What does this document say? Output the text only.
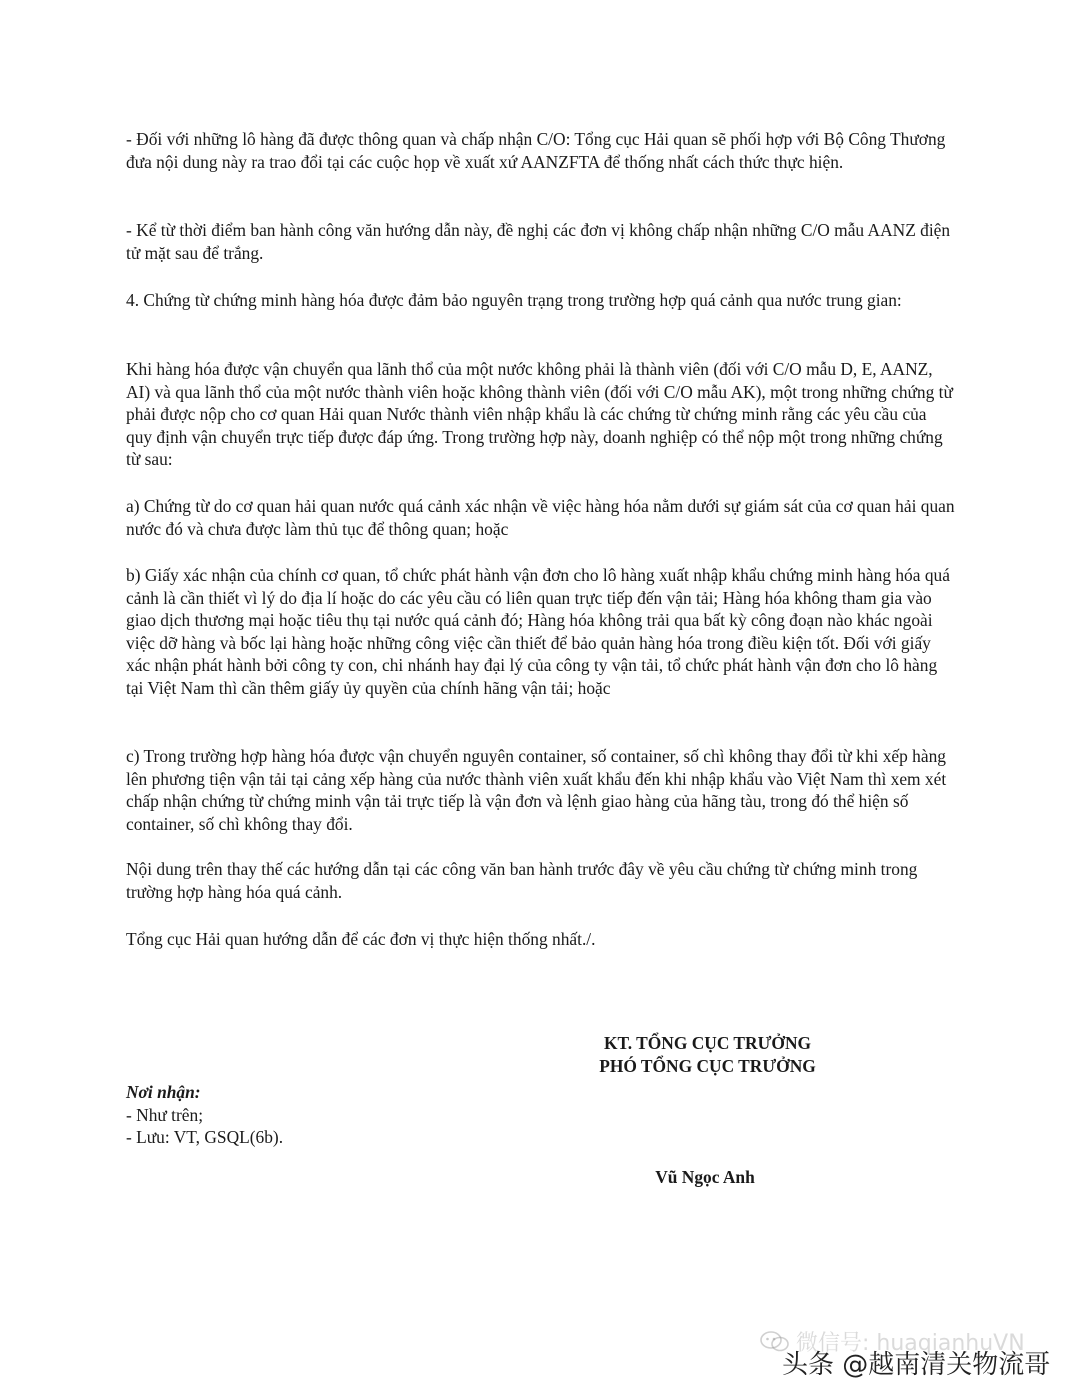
- Đối với những lô hàng đã được thông quan và chấp nhận C/O: Tổng cục Hải quan sẽ phối hợp với Bộ Công Thương đưa nội dung này ra trao đổi tại các cuộc họp về xuất xứ AANZFTA để thống nhất cách thức thực hiện.

- Kể từ thời điểm ban hành công văn hướng dẫn này, đề nghị các đơn vị không chấp nhận những C/O mẫu AANZ điện tử mặt sau để trắng.

4. Chứng từ chứng minh hàng hóa được đảm bảo nguyên trạng trong trường hợp quá cảnh qua nước trung gian:

Khi hàng hóa được vận chuyển qua lãnh thổ của một nước không phải là thành viên (đối với C/O mẫu D, E, AANZ, AI) và qua lãnh thổ của một nước thành viên hoặc không thành viên (đối với C/O mẫu AK), một trong những chứng từ phải được nộp cho cơ quan Hải quan Nước thành viên nhập khẩu là các chứng từ chứng minh rằng các yêu cầu của quy định vận chuyển trực tiếp được đáp ứng. Trong trường hợp này, doanh nghiệp có thể nộp một trong những chứng từ sau:

a) Chứng từ do cơ quan hải quan nước quá cảnh xác nhận về việc hàng hóa nằm dưới sự giám sát của cơ quan hải quan nước đó và chưa được làm thủ tục để thông quan; hoặc

b) Giấy xác nhận của chính cơ quan, tổ chức phát hành vận đơn cho lô hàng xuất nhập khẩu chứng minh hàng hóa quá cảnh là cần thiết vì lý do địa lí hoặc do các yêu cầu có liên quan trực tiếp đến vận tải; Hàng hóa không tham gia vào giao dịch thương mại hoặc tiêu thụ tại nước quá cảnh đó; Hàng hóa không trải qua bất kỳ công đoạn nào khác ngoài việc dỡ hàng và bốc lại hàng hoặc những công việc cần thiết để bảo quản hàng hóa trong điều kiện tốt. Đối với giấy xác nhận phát hành bởi công ty con, chi nhánh hay đại lý của công ty vận tải, tổ chức phát hành vận đơn cho lô hàng tại Việt Nam thì cần thêm giấy ủy quyền của chính hãng vận tải; hoặc

c) Trong trường hợp hàng hóa được vận chuyển nguyên container, số container, số chì không thay đổi từ khi xếp hàng lên phương tiện vận tải tại cảng xếp hàng của nước thành viên xuất khẩu đến khi nhập khẩu vào Việt Nam thì xem xét chấp nhận chứng từ chứng minh vận tải trực tiếp là vận đơn và lệnh giao hàng của hãng tàu, trong đó thể hiện số container, số chì không thay đổi.

Nội dung trên thay thế các hướng dẫn tại các công văn ban hành trước đây về yêu cầu chứng từ chứng minh trong trường hợp hàng hóa quá cảnh.

Tổng cục Hải quan hướng dẫn để các đơn vị thực hiện thống nhất./.

KT. TỔNG CỤC TRƯỞNG
PHÓ TỔNG CỤC TRƯỞNG
Nơi nhận:
- Như trên;
- Lưu: VT, GSQL(6b).
Vũ Ngọc Anh
微信号: huaqianhuVN
头条 @越南清关物流哥
